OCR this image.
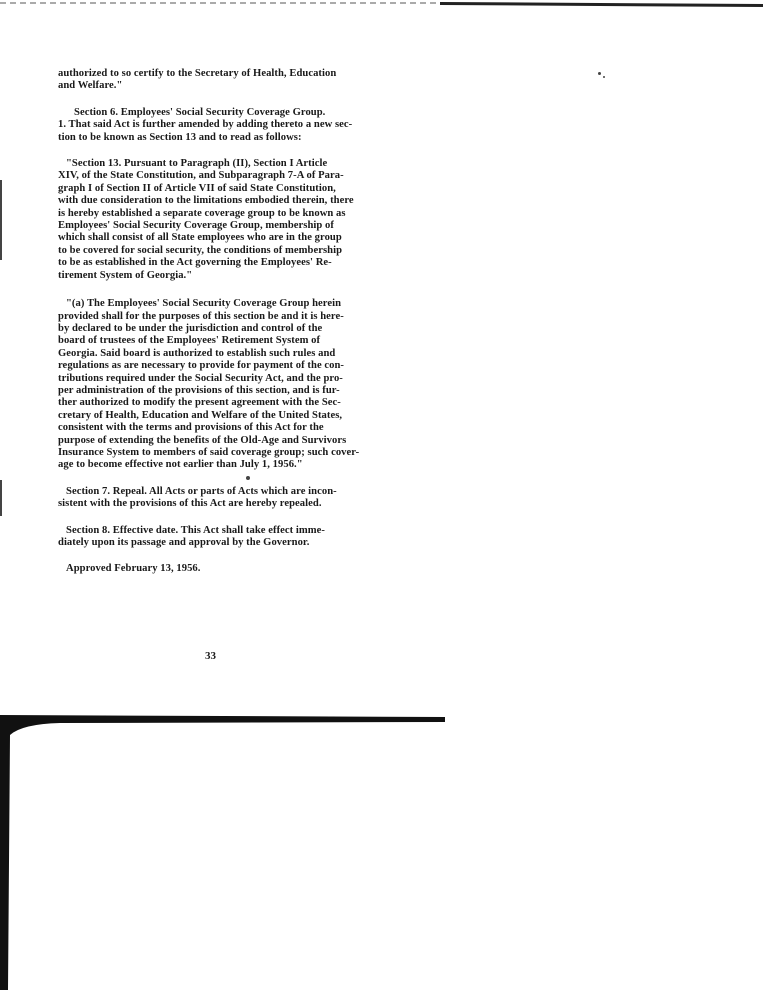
authorized to so certify to the Secretary of Health, Education
and Welfare."

Section 6. Employees' Social Security Coverage Group.
1. That said Act is further amended by adding thereto a new sec-
tion to be known as Section 13 and to read as follows:

"Section 13. Pursuant to Paragraph (II), Section I Article
XIV, of the State Constitution, and Subparagraph 7-A of Para-
graph I of Section II of Article VII of said State Constitution,
with due consideration to the limitations embodied therein, there
is hereby established a separate coverage group to be known as
Employees' Social Security Coverage Group, membership of
which shall consist of all State employees who are in the group
to be covered for social security, the conditions of membership
to be as established in the Act governing the Employees' Re-
tirement System of Georgia."

"(a) The Employees' Social Security Coverage Group herein
provided shall for the purposes of this section be and it is here-
by declared to be under the jurisdiction and control of the
board of trustees of the Employees' Retirement System of
Georgia. Said board is authorized to establish such rules and
regulations as are necessary to provide for payment of the con-
tributions required under the Social Security Act, and the pro-
per administration of the provisions of this section, and is fur-
ther authorized to modify the present agreement with the Sec-
cretary of Health, Education and Welfare of the United States,
consistent with the terms and provisions of this Act for the
purpose of extending the benefits of the Old-Age and Survivors
Insurance System to members of said coverage group; such cover-
age to become effective not earlier than July 1, 1956."

Section 7. Repeal. All Acts or parts of Acts which are incon-
sistent with the provisions of this Act are hereby repealed.

Section 8. Effective date. This Act shall take effect imme-
diately upon its passage and approval by the Governor.

Approved February 13, 1956.

33
